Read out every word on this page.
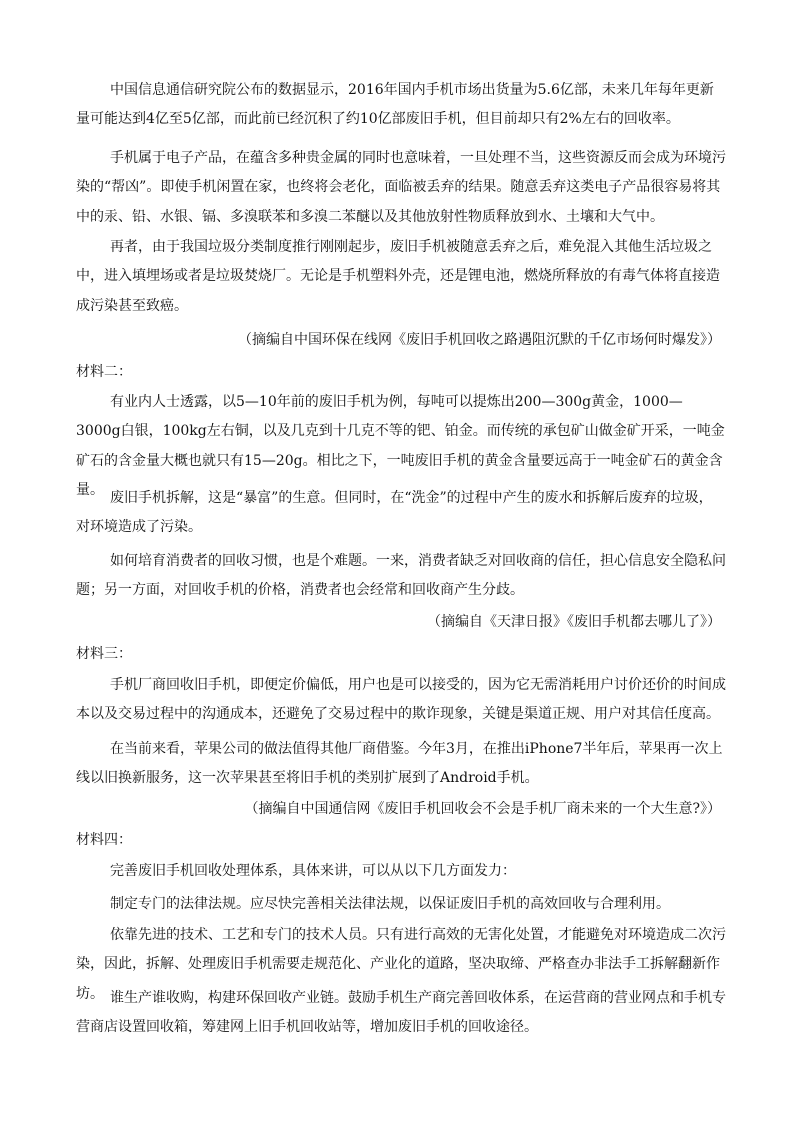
中国信息通信研究院公布的数据显示，2016年国内手机市场出货量为5.6亿部，未来几年每年更新量可能达到4亿至5亿部，而此前已经沉积了约10亿部废旧手机，但目前却只有2%左右的回收率。

手机属于电子产品，在蕴含多种贵金属的同时也意味着，一旦处理不当，这些资源反而会成为环境污染的“帮凶”。即使手机闲置在家，也终将会老化，面临被丢弃的结果。随意丢弃这类电子产品很容易将其中的汞、铅、水银、镉、多溴联苯和多溴二苯醚以及其他放射性物质释放到水、土壤和大气中。

再者，由于我国垃圾分类制度推行刚刚起步，废旧手机被随意丢弃之后，难免混入其他生活垃圾之中，进入填埋场或者是垃圾焚烧厂。无论是手机塑料外壳，还是锂电池，燃烧所释放的有毒气体将直接造成污染甚至致癌。

（摘编自中国环保在线网《废旧手机回收之路遇阻沉默的千亿市场何时爆发》）

材料二：

有业内人士透露，以5—10年前的废旧手机为例，每吨可以提炼出200—300g黄金，1000—3000g白银，100kg左右铜，以及几克到十几克不等的钯、铂金。而传统的承包矿山做金矿开采，一吨金矿石的含金量大概也就只有15—20g。相比之下，一吨废旧手机的黄金含量要远高于一吨金矿石的黄金含量。

废旧手机拆解，这是“暴富”的生意。但同时，在“洗金”的过程中产生的废水和拆解后废弃的垃圾，对环境造成了污染。

如何培育消费者的回收习惯，也是个难题。一来，消费者缺乏对回收商的信任，担心信息安全隐私问题；另一方面，对回收手机的价格，消费者也会经常和回收商产生分歧。

（摘编自《天津日报》《废旧手机都去哪儿了》）

材料三：

手机厂商回收旧手机，即便定价偏低，用户也是可以接受的，因为它无需消耗用户讨价还价的时间成本以及交易过程中的沟通成本，还避免了交易过程中的欺诈现象，关键是渠道正规、用户对其信任度高。

在当前来看，苹果公司的做法值得其他厂商借鉴。今年3月，在推出iPhone7半年后，苹果再一次上线以旧换新服务，这一次苹果甚至将旧手机的类别扩展到了Android手机。

（摘编自中国通信网《废旧手机回收会不会是手机厂商未来的一个大生意?》）

材料四：

完善废旧手机回收处理体系，具体来讲，可以从以下几方面发力：

制定专门的法律法规。应尽快完善相关法律法规，以保证废旧手机的高效回收与合理利用。

依靠先进的技术、工艺和专门的技术人员。只有进行高效的无害化处置，才能避免对环境造成二次污染，因此，拆解、处理废旧手机需要走规范化、产业化的道路，坚决取缔、严格查办非法手工拆解翻新作坊。 谁生产谁收购，构建环保回收产业链。鼓励手机生产商完善回收体系，在运营商的营业网点和手机专营商店设置回收箱，筹建网上旧手机回收站等，增加废旧手机的回收途径。
